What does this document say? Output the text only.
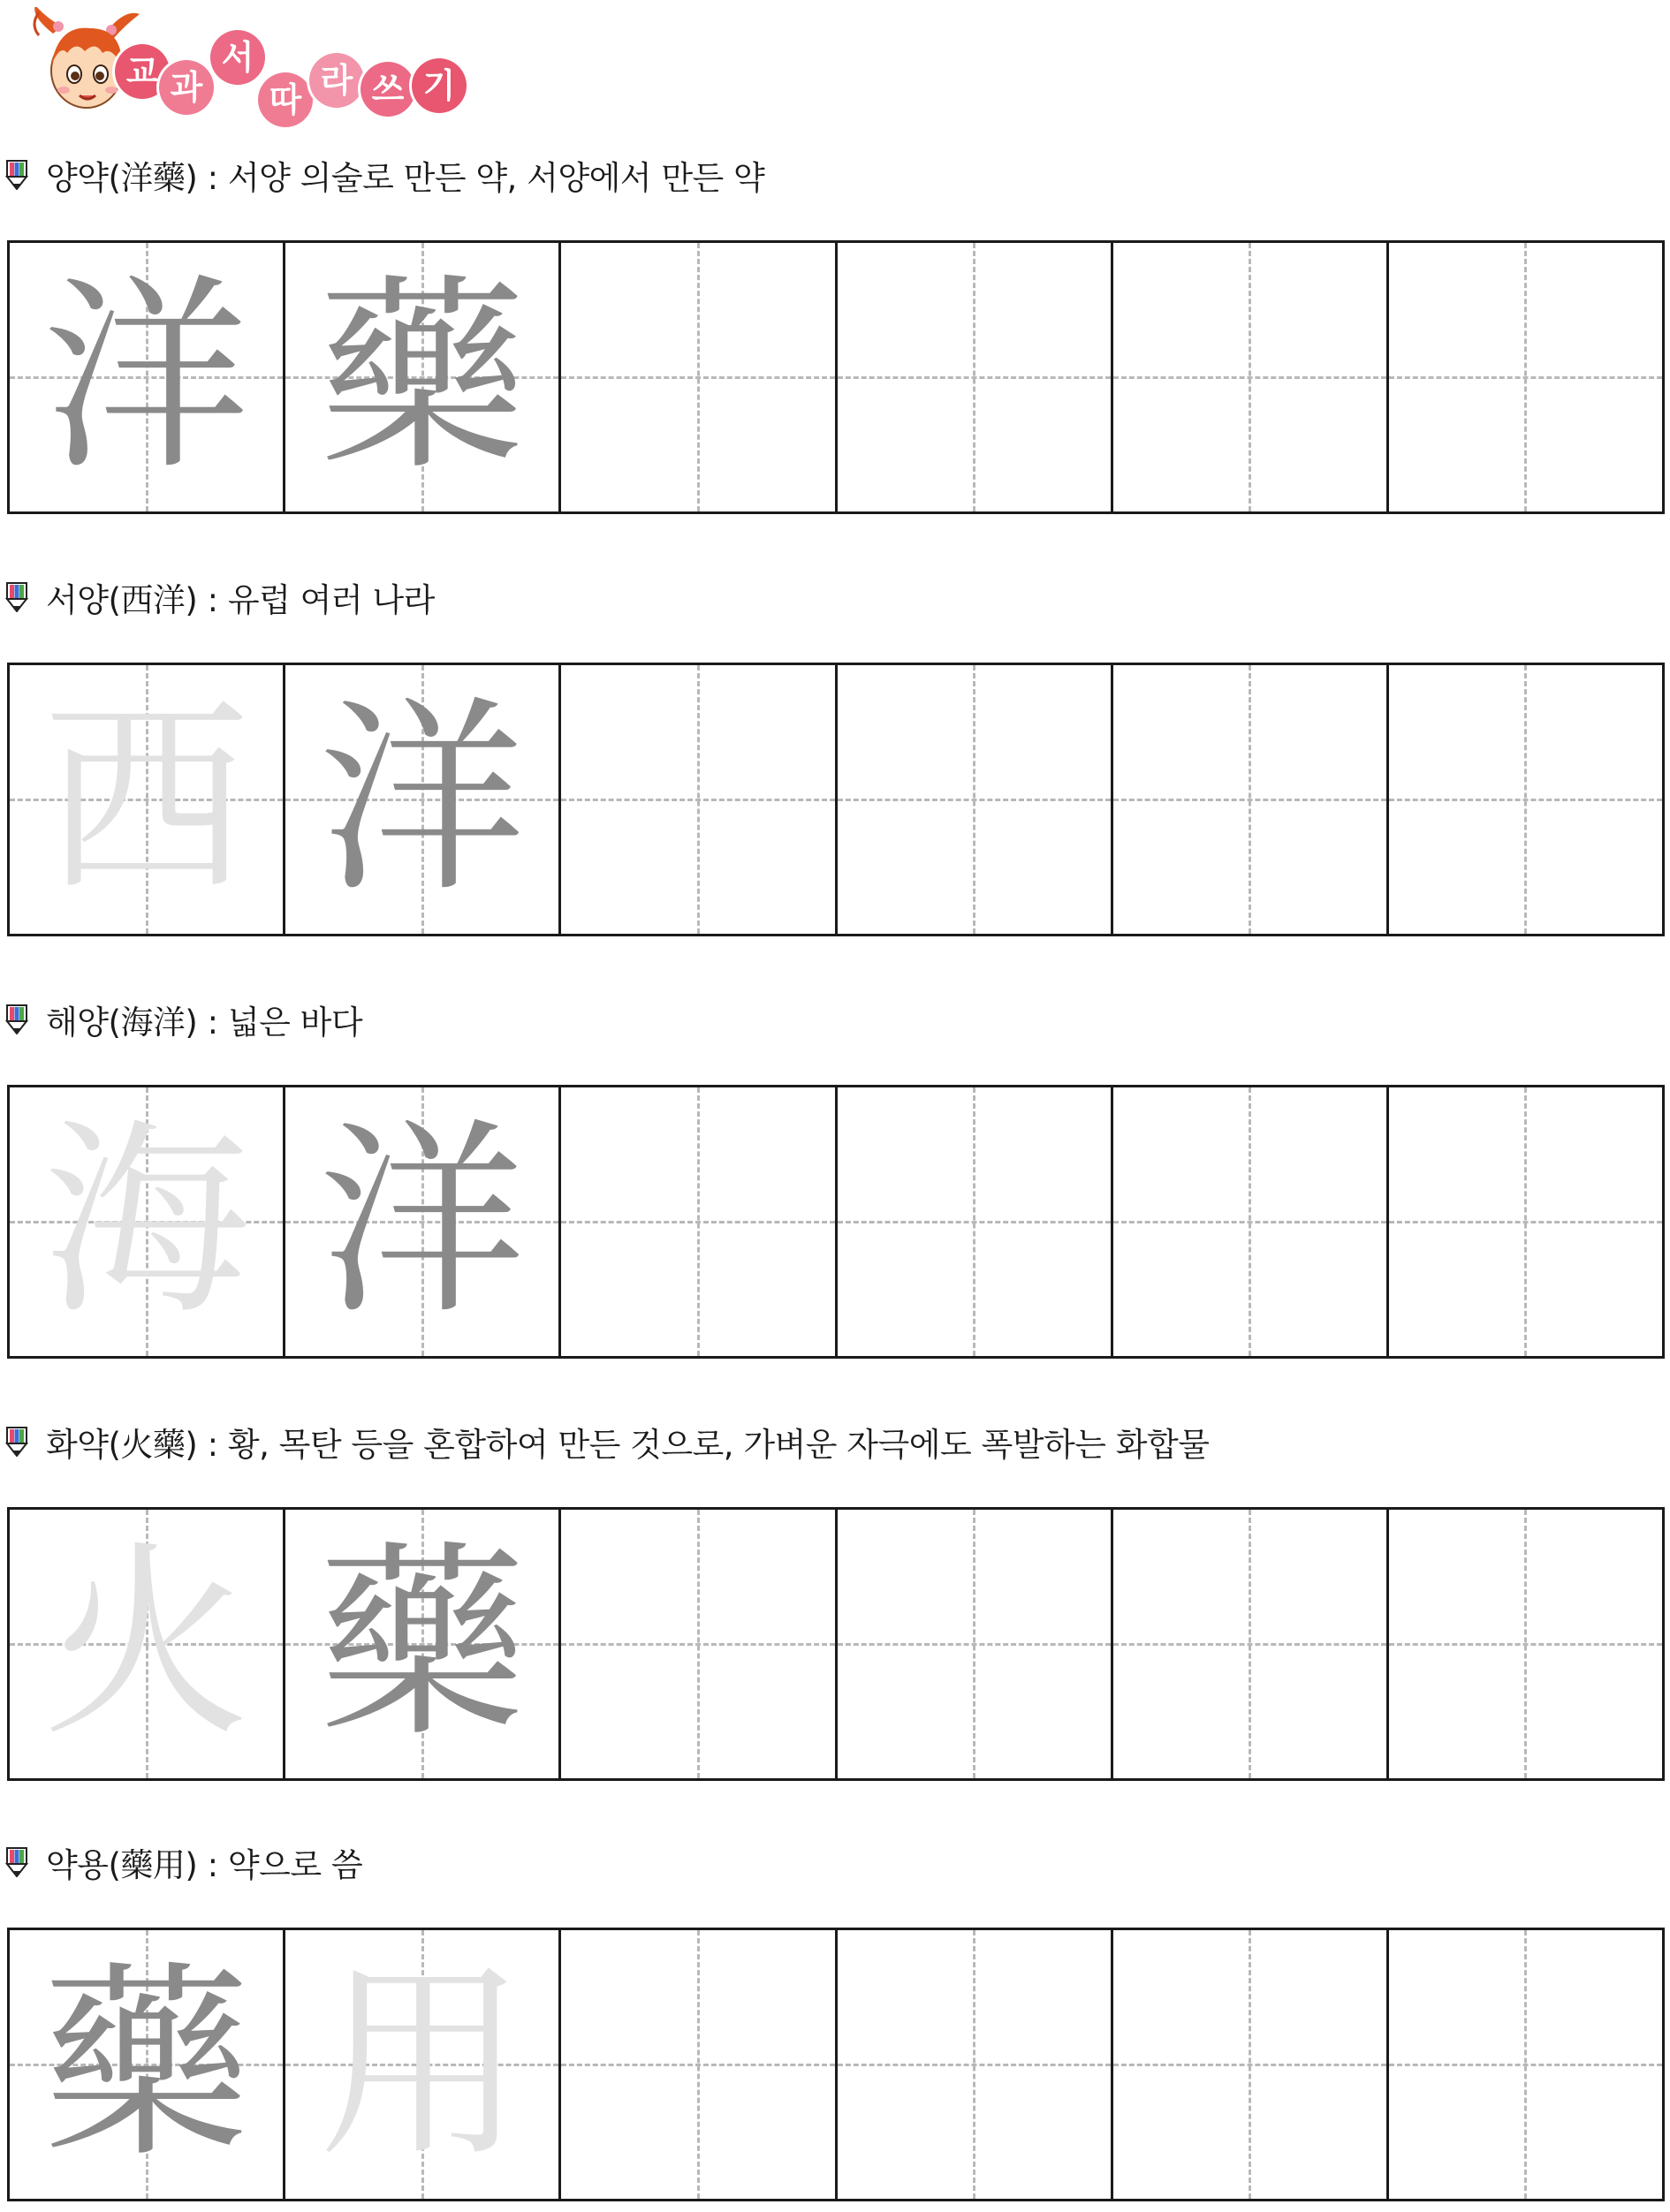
교 과
서
따 라 쓰 기
양약(洋藥) : 서양 의술로 만든 약, 서양에서 만든 약
洋 藥
서양(西洋) : 유럽 여러 나라
西 洋
해양(海洋) : 넓은 바다
海 洋
화약(火藥) : 황, 목탄 등을 혼합하여 만든 것으로, 가벼운 자극에도 폭발하는 화합물
火 藥
약용(藥用) : 약으로 씀
藥 用
